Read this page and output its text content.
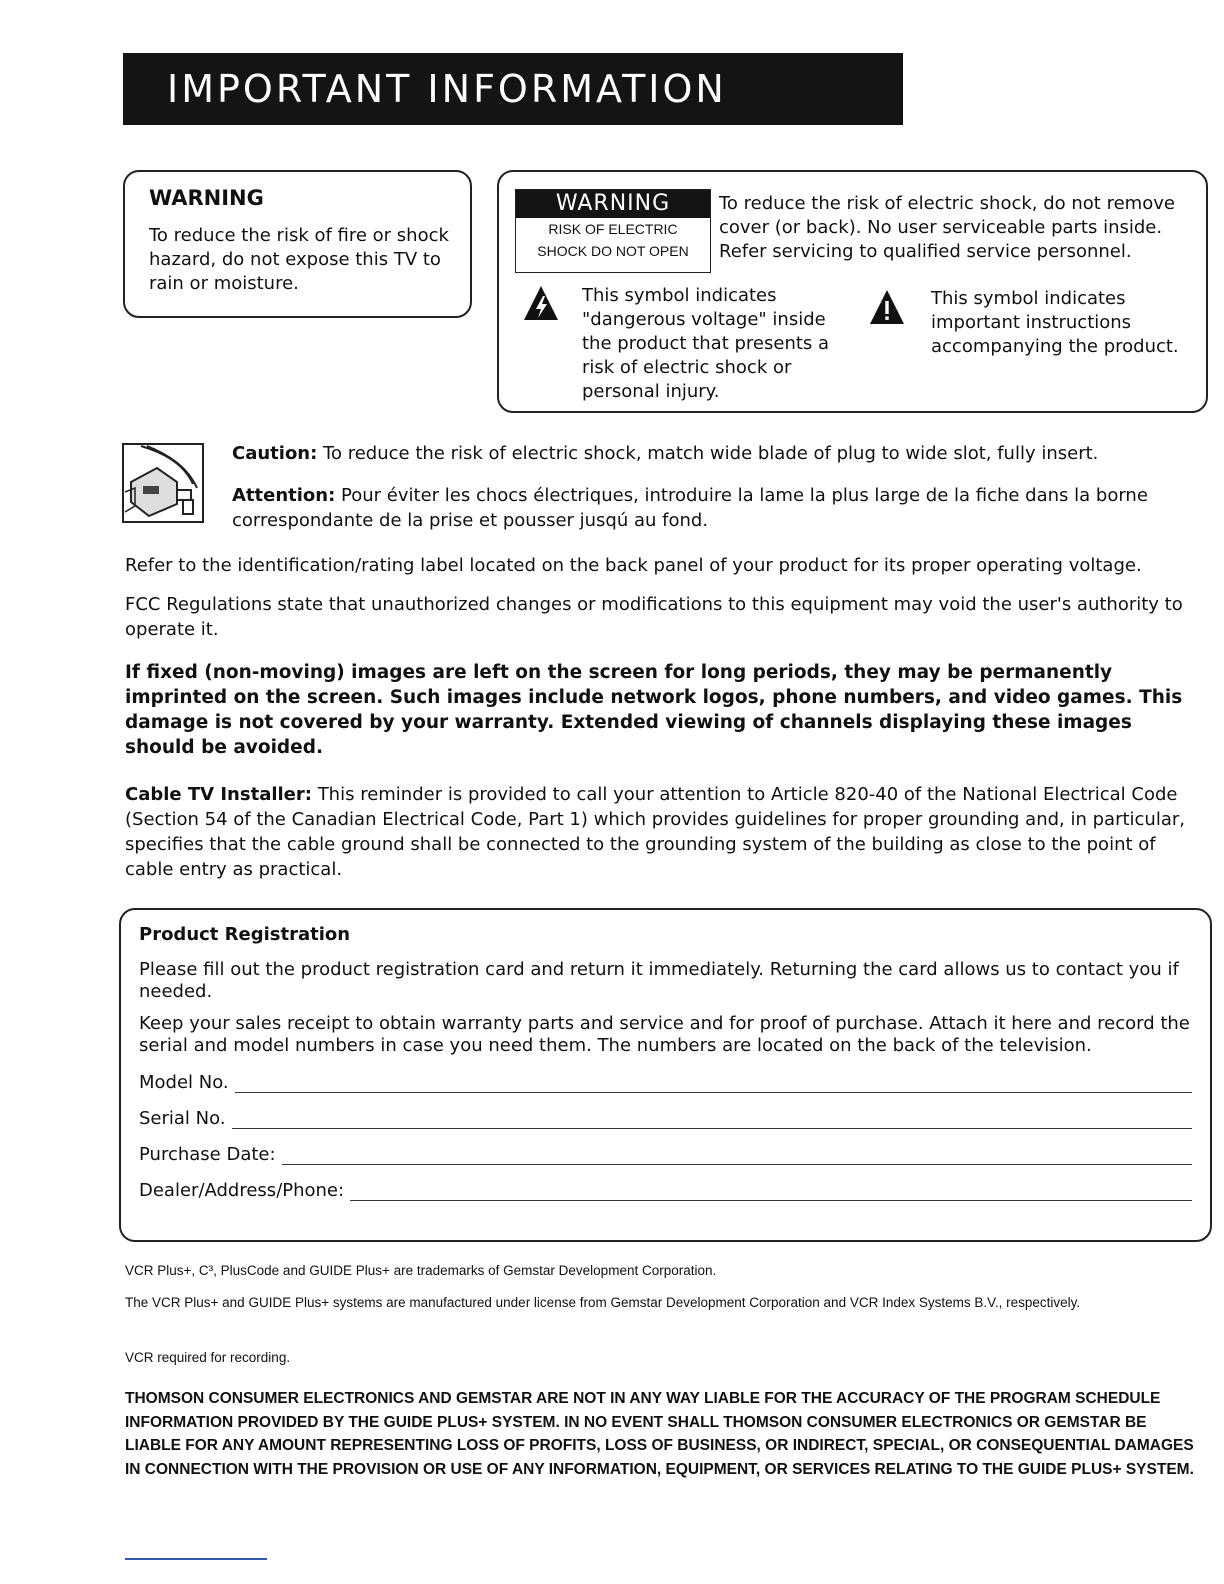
IMPORTANT INFORMATION
WARNING
To reduce the risk of fire or shock hazard, do not expose this TV to rain or moisture.
WARNING
RISK OF ELECTRIC
SHOCK DO NOT OPEN
To reduce the risk of electric shock, do not remove cover (or back). No user serviceable parts inside. Refer servicing to qualified service personnel.
This symbol indicates "dangerous voltage" inside the product that presents a risk of electric shock or personal injury.
This symbol indicates important instructions accompanying the product.
Caution: To reduce the risk of electric shock, match wide blade of plug to wide slot, fully insert.
Attention: Pour éviter les chocs électriques, introduire la lame la plus large de la fiche dans la borne correspondante de la prise et pousser jusqú au fond.
Refer to the identification/rating label located on the back panel of your product for its proper operating voltage.
FCC Regulations state that unauthorized changes or modifications to this equipment may void the user's authority to operate it.
If fixed (non-moving) images are left on the screen for long periods, they may be permanently imprinted on the screen. Such images include network logos, phone numbers, and video games. This damage is not covered by your warranty. Extended viewing of channels displaying these images should be avoided.
Cable TV Installer: This reminder is provided to call your attention to Article 820-40 of the National Electrical Code (Section 54 of the Canadian Electrical Code, Part 1) which provides guidelines for proper grounding and, in particular, specifies that the cable ground shall be connected to the grounding system of the building as close to the point of cable entry as practical.
Product Registration
Please fill out the product registration card and return it immediately. Returning the card allows us to contact you if needed.
Keep your sales receipt to obtain warranty parts and service and for proof of purchase. Attach it here and record the serial and model numbers in case you need them. The numbers are located on the back of the television.
Model No.
Serial No.
Purchase Date:
Dealer/Address/Phone:
VCR Plus+, C³, PlusCode and GUIDE Plus+ are trademarks of Gemstar Development Corporation.
The VCR Plus+ and GUIDE Plus+ systems are manufactured under license from Gemstar Development Corporation and VCR Index Systems B.V., respectively.
VCR required for recording.
THOMSON CONSUMER ELECTRONICS AND GEMSTAR ARE NOT IN ANY WAY LIABLE FOR THE ACCURACY OF THE PROGRAM SCHEDULE INFORMATION PROVIDED BY THE GUIDE PLUS+ SYSTEM. IN NO EVENT SHALL THOMSON CONSUMER ELECTRONICS OR GEMSTAR BE LIABLE FOR ANY AMOUNT REPRESENTING LOSS OF PROFITS, LOSS OF BUSINESS, OR INDIRECT, SPECIAL, OR CONSEQUENTIAL DAMAGES IN CONNECTION WITH THE PROVISION OR USE OF ANY INFORMATION, EQUIPMENT, OR SERVICES RELATING TO THE GUIDE PLUS+ SYSTEM.
